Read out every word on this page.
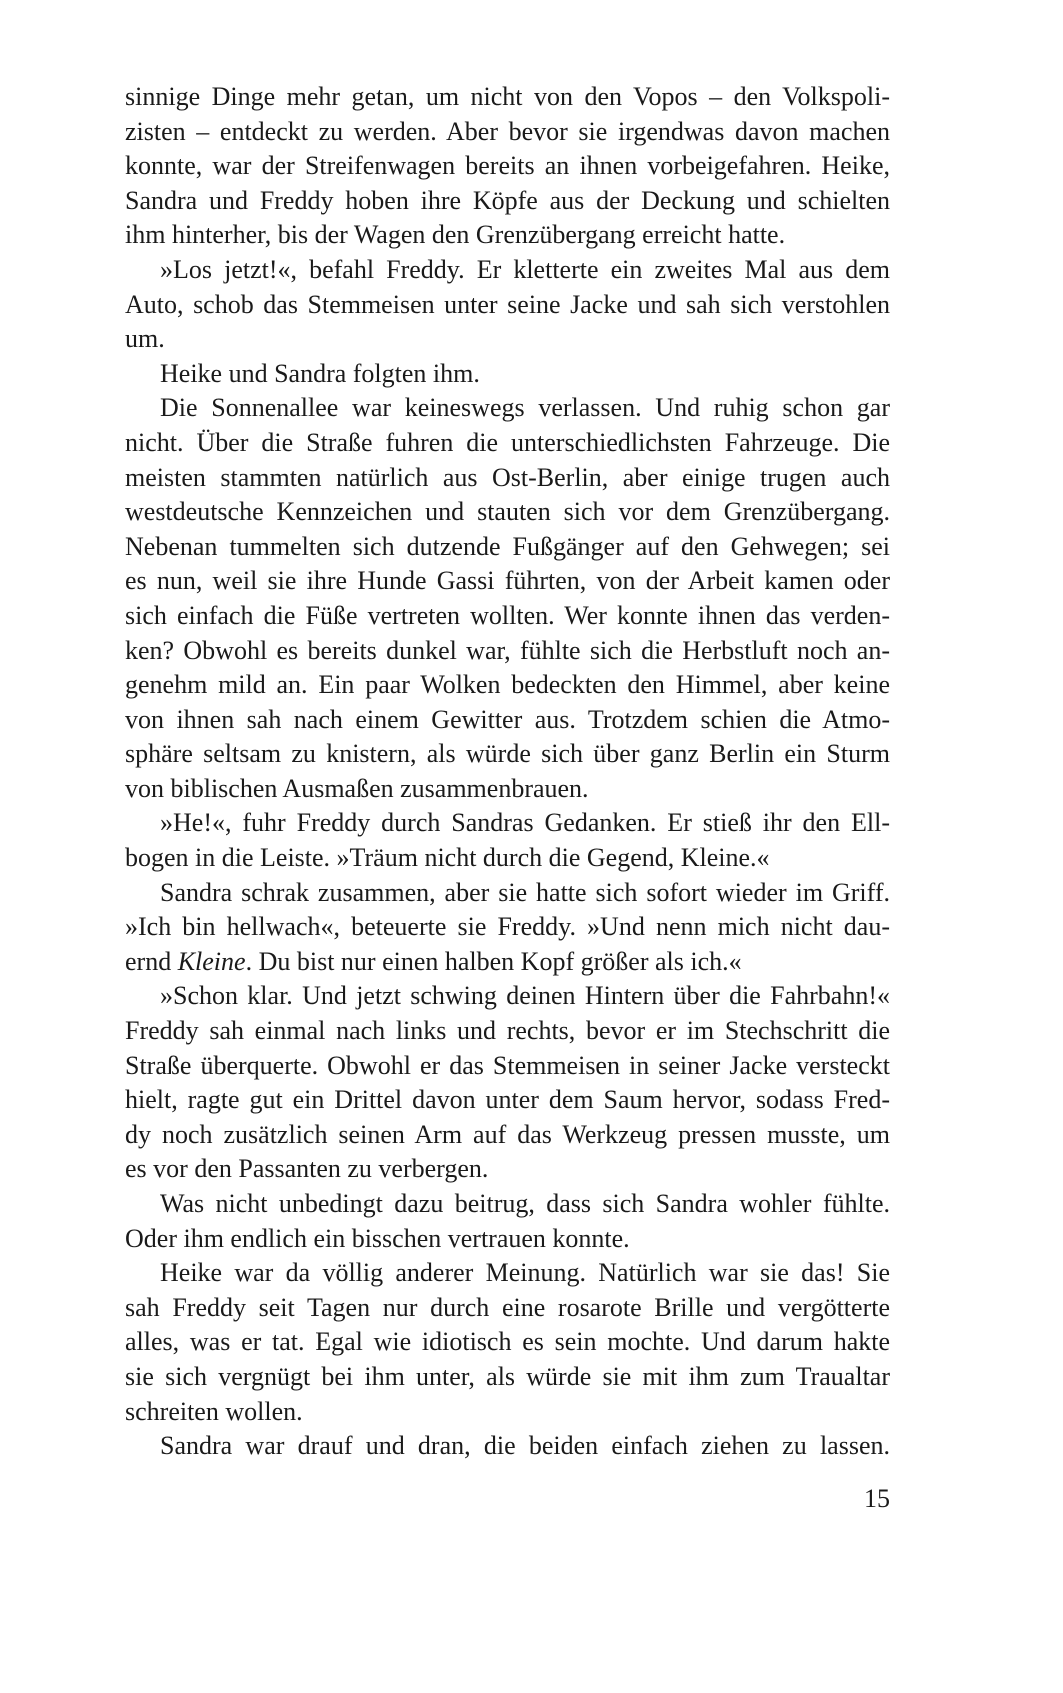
sinnige Dinge mehr getan, um nicht von den Vopos – den Volkspoli-
zisten – entdeckt zu werden. Aber bevor sie irgendwas davon machen
konnte, war der Streifenwagen bereits an ihnen vorbeigefahren. Heike,
Sandra und Freddy hoben ihre Köpfe aus der Deckung und schielten
ihm hinterher, bis der Wagen den Grenzübergang erreicht hatte.
»Los jetzt!«, befahl Freddy. Er kletterte ein zweites Mal aus dem
Auto, schob das Stemmeisen unter seine Jacke und sah sich verstohlen
um.
Heike und Sandra folgten ihm.
Die Sonnenallee war keineswegs verlassen. Und ruhig schon gar
nicht. Über die Straße fuhren die unterschiedlichsten Fahrzeuge. Die
meisten stammten natürlich aus Ost-Berlin, aber einige trugen auch
westdeutsche Kennzeichen und stauten sich vor dem Grenzübergang.
Nebenan tummelten sich dutzende Fußgänger auf den Gehwegen; sei
es nun, weil sie ihre Hunde Gassi führten, von der Arbeit kamen oder
sich einfach die Füße vertreten wollten. Wer konnte ihnen das verden-
ken? Obwohl es bereits dunkel war, fühlte sich die Herbstluft noch an-
genehm mild an. Ein paar Wolken bedeckten den Himmel, aber keine
von ihnen sah nach einem Gewitter aus. Trotzdem schien die Atmo-
sphäre seltsam zu knistern, als würde sich über ganz Berlin ein Sturm
von biblischen Ausmaßen zusammenbrauen.
»He!«, fuhr Freddy durch Sandras Gedanken. Er stieß ihr den Ell-
bogen in die Leiste. »Träum nicht durch die Gegend, Kleine.«
Sandra schrak zusammen, aber sie hatte sich sofort wieder im Griff.
»Ich bin hellwach«, beteuerte sie Freddy. »Und nenn mich nicht dau-
ernd Kleine. Du bist nur einen halben Kopf größer als ich.«
»Schon klar. Und jetzt schwing deinen Hintern über die Fahrbahn!«
Freddy sah einmal nach links und rechts, bevor er im Stechschritt die
Straße überquerte. Obwohl er das Stemmeisen in seiner Jacke versteckt
hielt, ragte gut ein Drittel davon unter dem Saum hervor, sodass Fred-
dy noch zusätzlich seinen Arm auf das Werkzeug pressen musste, um
es vor den Passanten zu verbergen.
Was nicht unbedingt dazu beitrug, dass sich Sandra wohler fühlte.
Oder ihm endlich ein bisschen vertrauen konnte.
Heike war da völlig anderer Meinung. Natürlich war sie das! Sie
sah Freddy seit Tagen nur durch eine rosarote Brille und vergötterte
alles, was er tat. Egal wie idiotisch es sein mochte. Und darum hakte
sie sich vergnügt bei ihm unter, als würde sie mit ihm zum Traualtar
schreiten wollen.
Sandra war drauf und dran, die beiden einfach ziehen zu lassen.
15
